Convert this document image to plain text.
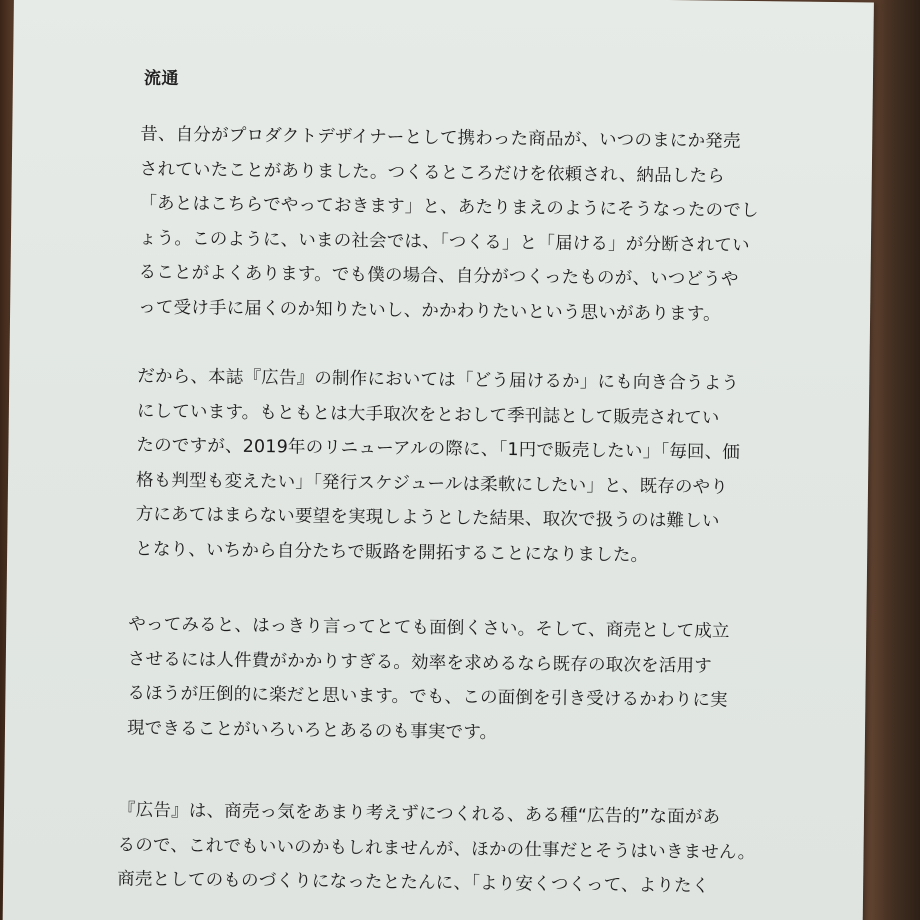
流通

昔、自分がプロダクトデザイナーとして携わった商品が、いつのまにか発売
されていたことがありました。つくるところだけを依頼され、納品したら
「あとはこちらでやっておきます」と、あたりまえのようにそうなったのでし
ょう。このように、いまの社会では、「つくる」と「届ける」が分断されてい
ることがよくあります。でも僕の場合、自分がつくったものが、いつどうや
って受け手に届くのか知りたいし、かかわりたいという思いがあります。

だから、本誌『広告』の制作においては「どう届けるか」にも向き合うよう
にしています。もともとは大手取次をとおして季刊誌として販売されてい
たのですが、2019年のリニューアルの際に、「1円で販売したい」「毎回、価
格も判型も変えたい」「発行スケジュールは柔軟にしたい」と、既存のやり
方にあてはまらない要望を実現しようとした結果、取次で扱うのは難しい
となり、いちから自分たちで販路を開拓することになりました。

やってみると、はっきり言ってとても面倒くさい。そして、商売として成立
させるには人件費がかかりすぎる。効率を求めるなら既存の取次を活用す
るほうが圧倒的に楽だと思います。でも、この面倒を引き受けるかわりに実
現できることがいろいろとあるのも事実です。

『広告』は、商売っ気をあまり考えずにつくれる、ある種“広告的”な面があ
るので、これでもいいのかもしれませんが、ほかの仕事だとそうはいきません。
商売としてのものづくりになったとたんに、「より安くつくって、よりたく
